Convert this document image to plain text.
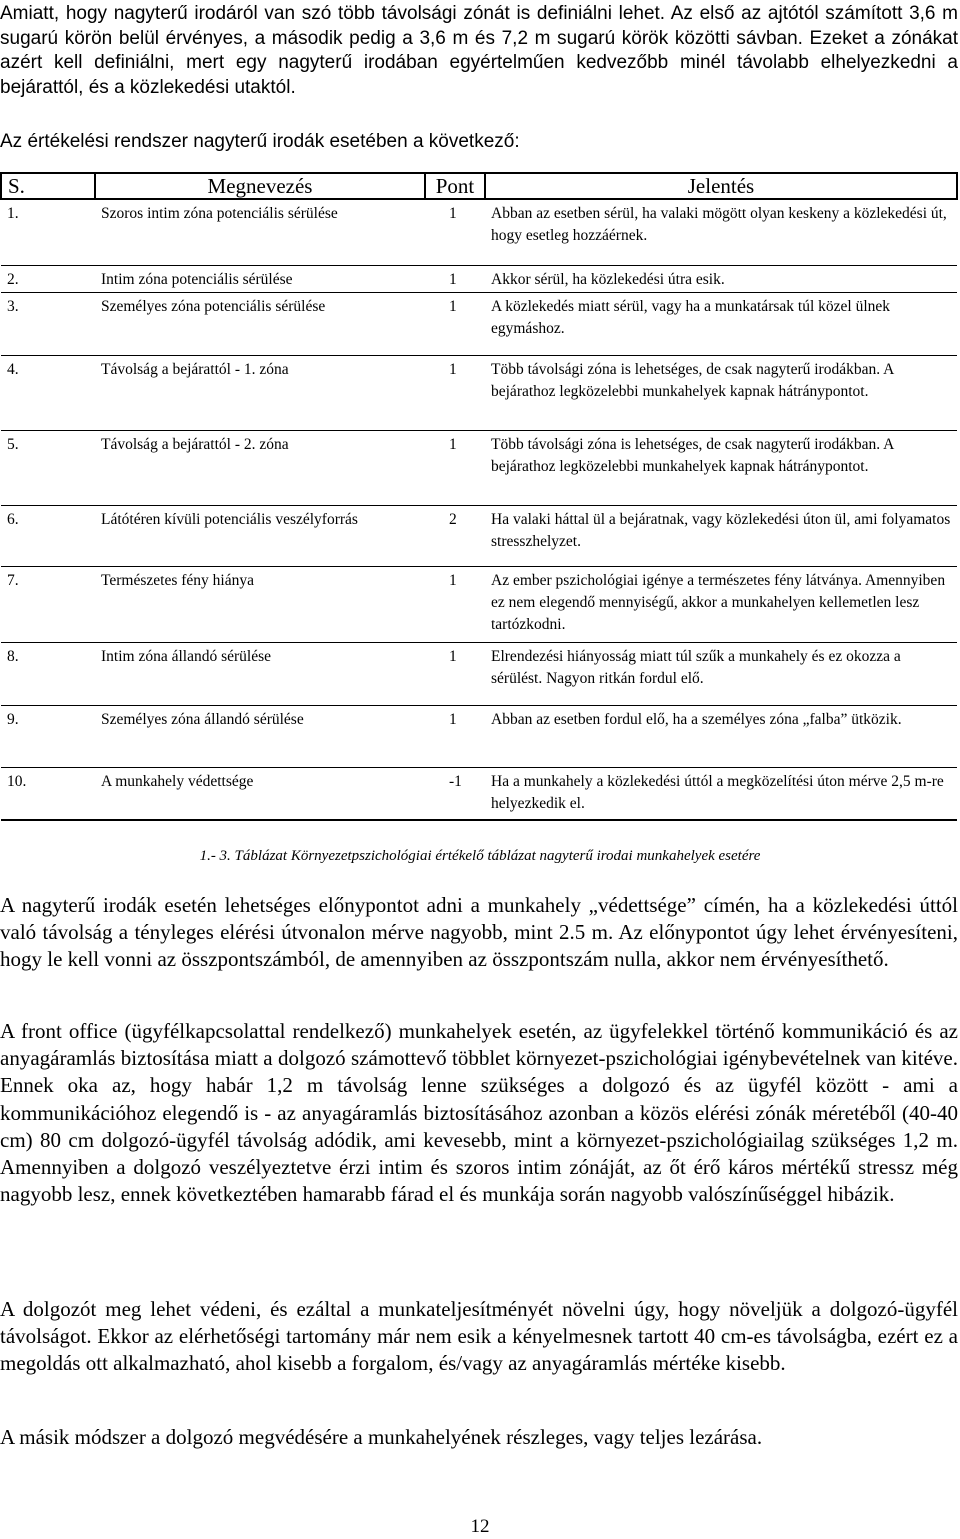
Amiatt, hogy nagyterű irodáról van szó több távolsági zónát is definiálni lehet. Az első az ajtótól számított 3,6 m sugarú körön belül érvényes, a második pedig a 3,6 m és 7,2 m sugarú körök közötti sávban. Ezeket a zónákat azért kell definiálni, mert egy nagyterű irodában egyértelműen kedvezőbb minél távolabb elhelyezkedni a bejárattól, és a közlekedési utaktól.

Az értékelési rendszer nagyterű irodák esetében a következő:

S.	Megnevezés	Pont	Jelentés
1.	Szoros intim zóna potenciális sérülése	1	Abban az esetben sérül, ha valaki mögött olyan keskeny a közlekedési út, hogy esetleg hozzáérnek.
2.	Intim zóna potenciális sérülése	1	Akkor sérül, ha közlekedési útra esik.
3.	Személyes zóna potenciális sérülése	1	A közlekedés miatt sérül, vagy ha a munkatársak túl közel ülnek egymáshoz.
4.	Távolság a bejárattól - 1. zóna	1	Több távolsági zóna is lehetséges, de csak nagyterű irodákban. A bejárathoz legközelebbi munkahelyek kapnak hátránypontot.
5.	Távolság a bejárattól - 2. zóna	1	Több távolsági zóna is lehetséges, de csak nagyterű irodákban. A bejárathoz legközelebbi munkahelyek kapnak hátránypontot.
6.	Látótéren kívüli potenciális veszélyforrás	2	Ha valaki háttal ül a bejáratnak, vagy közlekedési úton ül, ami folyamatos stresszhelyzet.
7.	Természetes fény hiánya	1	Az ember pszichológiai igénye a természetes fény látványa. Amennyiben ez nem elegendő mennyiségű, akkor a munkahelyen kellemetlen lesz tartózkodni.
8.	Intim zóna állandó sérülése	1	Elrendezési hiányosság miatt túl szűk a munkahely és ez okozza a sérülést. Nagyon ritkán fordul elő.
9.	Személyes zóna állandó sérülése	1	Abban az esetben fordul elő, ha a személyes zóna „falba” ütközik.
10.	A munkahely védettsége	-1	Ha a munkahely a közlekedési úttól a megközelítési úton mérve 2,5 m-re helyezkedik el.

1.- 3. Táblázat Környezetpszichológiai értékelő táblázat nagyterű irodai munkahelyek esetére

A nagyterű irodák esetén lehetséges előnypontot adni a munkahely „védettsége” címén, ha a közlekedési úttól való távolság a tényleges elérési útvonalon mérve nagyobb, mint 2.5 m. Az előnypontot úgy lehet érvényesíteni, hogy le kell vonni az összpontszámból, de amennyiben az összpontszám nulla, akkor nem érvényesíthető.

A front office (ügyfélkapcsolattal rendelkező) munkahelyek esetén, az ügyfelekkel történő kommunikáció és az anyagáramlás biztosítása miatt a dolgozó számottevő többlet környezet-pszichológiai igénybevételnek van kitéve. Ennek oka az, hogy habár 1,2 m távolság lenne szükséges a dolgozó és az ügyfél között - ami a kommunikációhoz elegendő is - az anyagáramlás biztosításához azonban a közös elérési zónák méretéből (40-40 cm) 80 cm dolgozó-ügyfél távolság adódik, ami kevesebb, mint a környezet-pszichológiailag szükséges 1,2 m. Amennyiben a dolgozó veszélyeztetve érzi intim és szoros intim zónáját, az őt érő káros mértékű stressz még nagyobb lesz, ennek következtében hamarabb fárad el és munkája során nagyobb valószínűséggel hibázik.

A dolgozót meg lehet védeni, és ezáltal a munkateljesítményét növelni úgy, hogy növeljük a dolgozó-ügyfél távolságot. Ekkor az elérhetőségi tartomány már nem esik a kényelmesnek tartott 40 cm-es távolságba, ezért ez a megoldás ott alkalmazható, ahol kisebb a forgalom, és/vagy az anyagáramlás mértéke kisebb.

A másik módszer a dolgozó megvédésére a munkahelyének részleges, vagy teljes lezárása.

12
